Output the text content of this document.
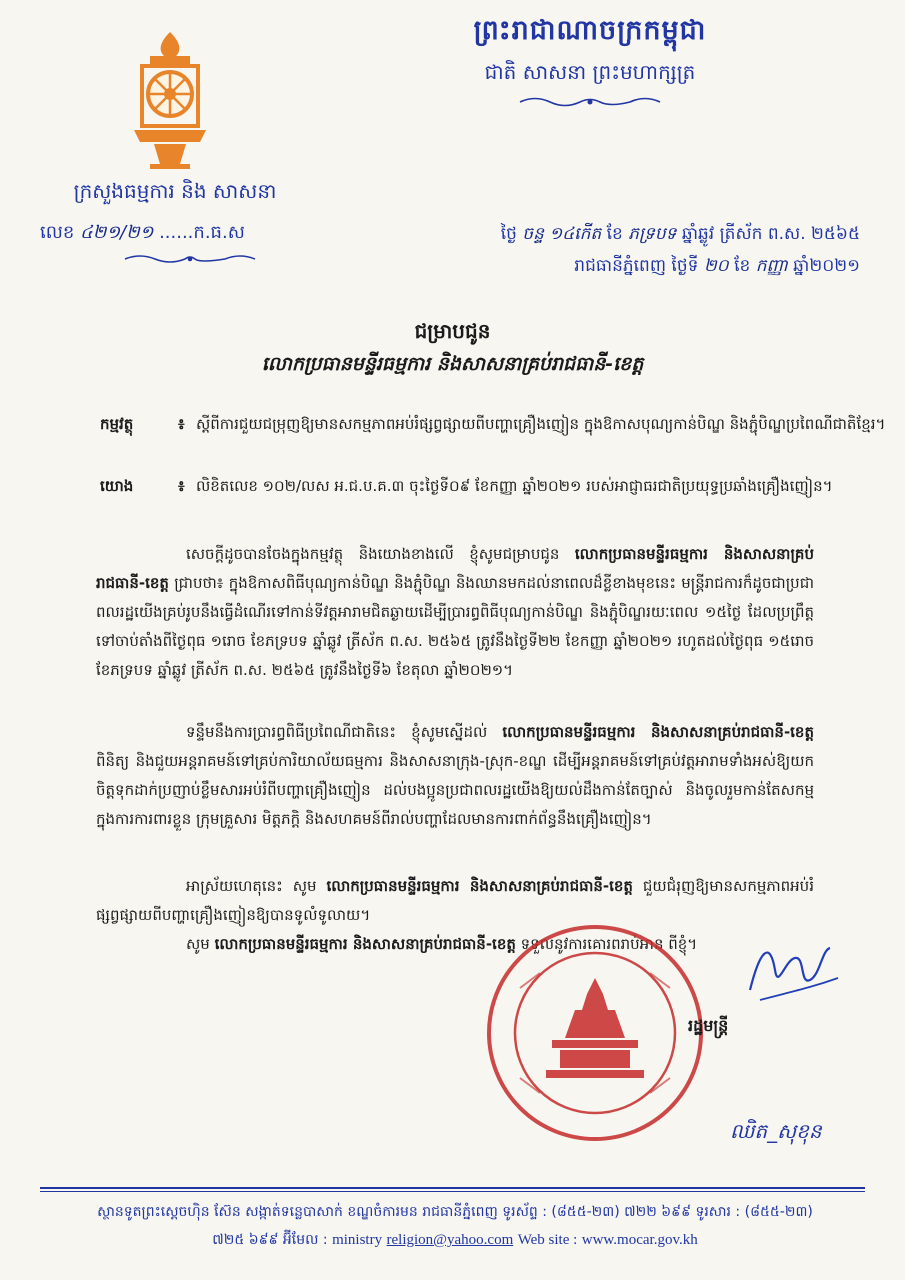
ព្រះរាជាណាចក្រកម្ពុជា
ជាតិ សាសនា ព្រះមហាក្សត្រ
ក្រសួងធម្មការ និង សាសនា
លេខ ៤២១/២១ ......ក.ធ.ស	ថ្ងៃ ចន្ទ ១៤កើត ខែ ភទ្របទ ឆ្នាំឆ្លូវ ត្រីស័ក ព.ស. ២៥៦៥
រាជធានីភ្នំពេញ ថ្ងៃទី ២០ ខែ កញ្ញា ឆ្នាំ២០២១
ជម្រាបជូន
លោកប្រធានមន្ទីរធម្មការ និងសាសនាគ្រប់រាជធានី-ខេត្ត
កម្មវត្ថុ	៖ ស្តីពីការជួយជម្រុញឱ្យមានសកម្មភាពអប់រំផ្សព្វផ្សាយពីបញ្ហាគ្រឿងញៀន ក្នុងឱកាសបុណ្យកាន់បិណ្ឌ និងភ្ជុំបិណ្ឌប្រពៃណីជាតិខ្មែរ។
យោង	៖ លិខិតលេខ ១០២/លស អ.ជ.ប.គ.៣ ចុះថ្ងៃទី០៩ ខែកញ្ញា ឆ្នាំ២០២១ របស់អាជ្ញាធរជាតិប្រយុទ្ធប្រឆាំងគ្រឿងញៀន។
សេចក្តីដូចបានចែងក្នុងកម្មវត្ថុ និងយោងខាងលើ ខ្ញុំសូមជម្រាបជូន លោកប្រធានមន្ទីរធម្មការ និងសាសនាគ្រប់រាជធានី-ខេត្ត ជ្រាបថា៖ ក្នុងឱកាសពិធីបុណ្យកាន់បិណ្ឌ និងភ្ជុំបិណ្ឌ និងឈានមកដល់នាពេលដ៏ខ្លីខាងមុខនេះ មន្ត្រីរាជការក៏ដូចជាប្រជាពលរដ្ឋយើងគ្រប់រូបនឹងធ្វើដំណើរទៅកាន់ទីវត្តអារាមជិតឆ្ងាយដើម្បីប្រារព្ធពិធីបុណ្យកាន់បិណ្ឌ និងភ្ជុំបិណ្ឌរយៈពេល ១៥ថ្ងៃ ដែលប្រព្រឹត្តទៅចាប់តាំងពីថ្ងៃពុធ ១រោច ខែភទ្របទ ឆ្នាំឆ្លូវ ត្រីស័ក ព.ស. ២៥៦៥ ត្រូវនឹងថ្ងៃទី២២ ខែកញ្ញា ឆ្នាំ២០២១ រហូតដល់ថ្ងៃពុធ ១៥រោច ខែភទ្របទ ឆ្នាំឆ្លូវ ត្រីស័ក ព.ស. ២៥៦៥ ត្រូវនឹងថ្ងៃទី៦ ខែតុលា ឆ្នាំ២០២១។
ទន្ទឹមនឹងការប្រារព្ធពិធីប្រពៃណីជាតិនេះ ខ្ញុំសូមស្នើដល់ លោកប្រធានមន្ទីរធម្មការ និងសាសនាគ្រប់រាជធានី-ខេត្ត ពិនិត្យ និងជួយអន្តរាគមន៍ទៅគ្រប់ការិយាល័យធម្មការ និងសាសនាក្រុង-ស្រុក-ខណ្ឌ ដើម្បីអន្តរាគមន៍ទៅគ្រប់វត្តអារាមទាំងអស់ឱ្យយកចិត្តទុកដាក់ប្រញាប់ខ្លឹមសារអប់រំពីបញ្ហាគ្រឿងញៀន ដល់បងប្អូនប្រជាពលរដ្ឋយើងឱ្យយល់ដឹងកាន់តែច្បាស់ និងចូលរួមកាន់តែសកម្មក្នុងការការពារខ្លួន ក្រុមគ្រួសារ មិត្តភក្តិ និងសហគមន៍ពីរាល់បញ្ហាដែលមានការពាក់ព័ន្ធនឹងគ្រឿងញៀន។
អាស្រ័យហេតុនេះ សូម លោកប្រធានមន្ទីរធម្មការ និងសាសនាគ្រប់រាជធានី-ខេត្ត ជួយជំរុញឱ្យមានសកម្មភាពអប់រំផ្សព្វផ្សាយពីបញ្ហាគ្រឿងញៀនឱ្យបានទូលំទូលាយ។
សូម លោកប្រធានមន្ទីរធម្មការ និងសាសនាគ្រប់រាជធានី-ខេត្ត ទទួលនូវការគោរពរាប់អាន ពីខ្ញុំ។
រដ្ឋមន្ត្រី
ឈិត_សុខុន
ស្ថានទូតព្រះស្តេចហ៊ិន ស៊ែន សង្កាត់ទន្លេបាសាក់ ខណ្ឌចំការមន រាជធានីភ្នំពេញ ទូរស័ព្ទ : (៨៥៥-២៣) ៧២២ ៦៩៩ ទូរសារ : (៨៥៥-២៣)
៧២៥ ៦៩៩ អ៊ីមែល : ministry religion@yahoo.com Web site : www.mocar.gov.kh
